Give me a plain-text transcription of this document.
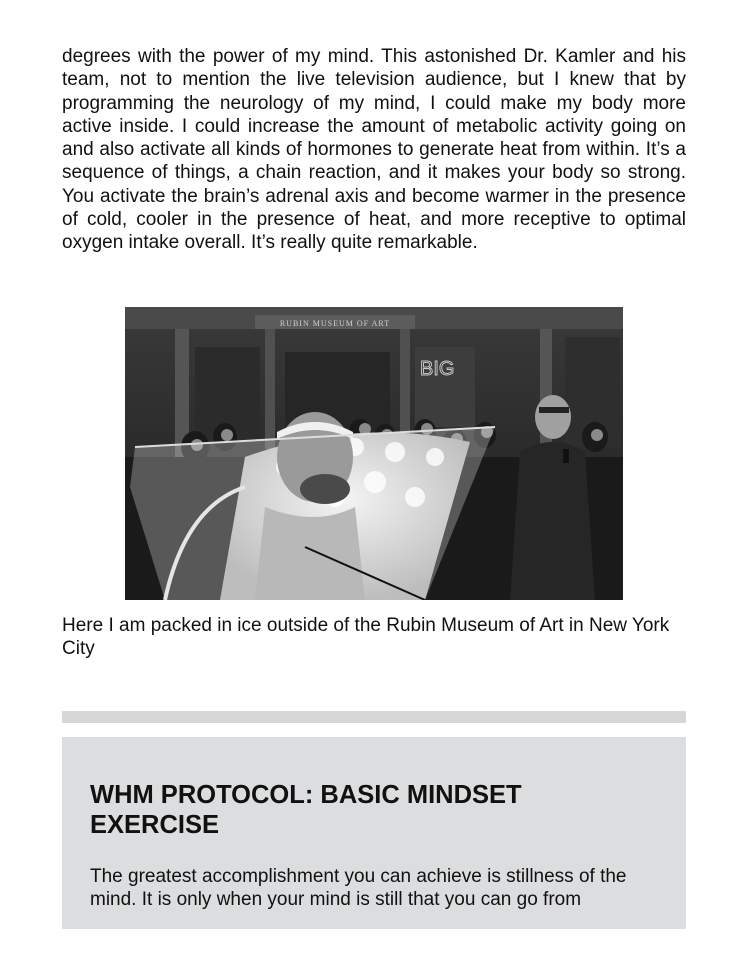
degrees with the power of my mind. This astonished Dr. Kamler and his team, not to mention the live television audience, but I knew that by programming the neurology of my mind, I could make my body more active inside. I could increase the amount of metabolic activity going on and also activate all kinds of hormones to generate heat from within. It’s a sequence of things, a chain reaction, and it makes your body so strong. You activate the brain’s adrenal axis and become warmer in the presence of cold, cooler in the presence of heat, and more receptive to optimal oxygen intake overall. It’s really quite remarkable.

RUBIN MUSEUM OF ART
BIG

Here I am packed in ice outside of the Rubin Museum of Art in New York City

WHM PROTOCOL: BASIC MINDSET
EXERCISE

The greatest accomplishment you can achieve is stillness of the mind. It is only when your mind is still that you can go from
